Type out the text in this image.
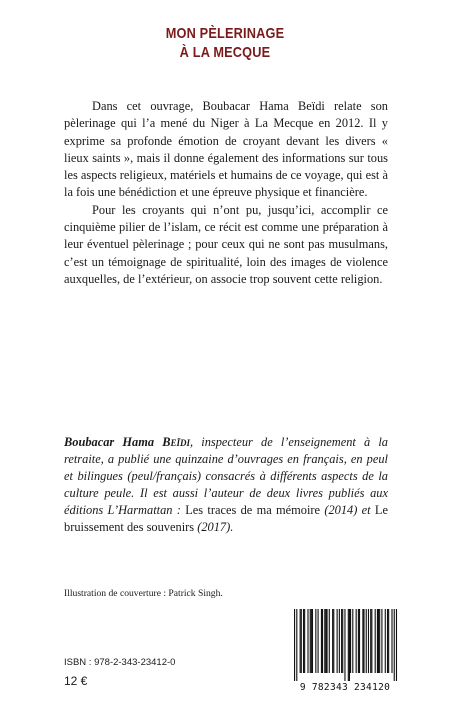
MON PÈLERINAGE
À LA MECQUE

Dans cet ouvrage, Boubacar Hama Beïdi relate son pèlerinage qui l’a mené du Niger à La Mecque en 2012. Il y exprime sa profonde émotion de croyant devant les divers « lieux saints », mais il donne également des informations sur tous les aspects religieux, matériels et humains de ce voyage, qui est à la fois une bénédiction et une épreuve physique et financière.

Pour les croyants qui n’ont pu, jusqu’ici, accomplir ce cinquième pilier de l’islam, ce récit est comme une préparation à leur éventuel pèlerinage ; pour ceux qui ne sont pas musulmans, c’est un témoignage de spiritualité, loin des images de violence auxquelles, de l’extérieur, on associe trop souvent cette religion.

Boubacar Hama Beïdi, inspecteur de l’enseignement à la retraite, a publié une quinzaine d’ouvrages en français, en peul et bilingues (peul/français) consacrés à différents aspects de la culture peule. Il est aussi l’auteur de deux livres publiés aux éditions L’Harmattan : Les traces de ma mémoire (2014) et Le bruissement des souvenirs (2017).

Illustration de couverture : Patrick Singh.
ISBN : 978-2-343-23412-0
12 €	9 782343 234120
